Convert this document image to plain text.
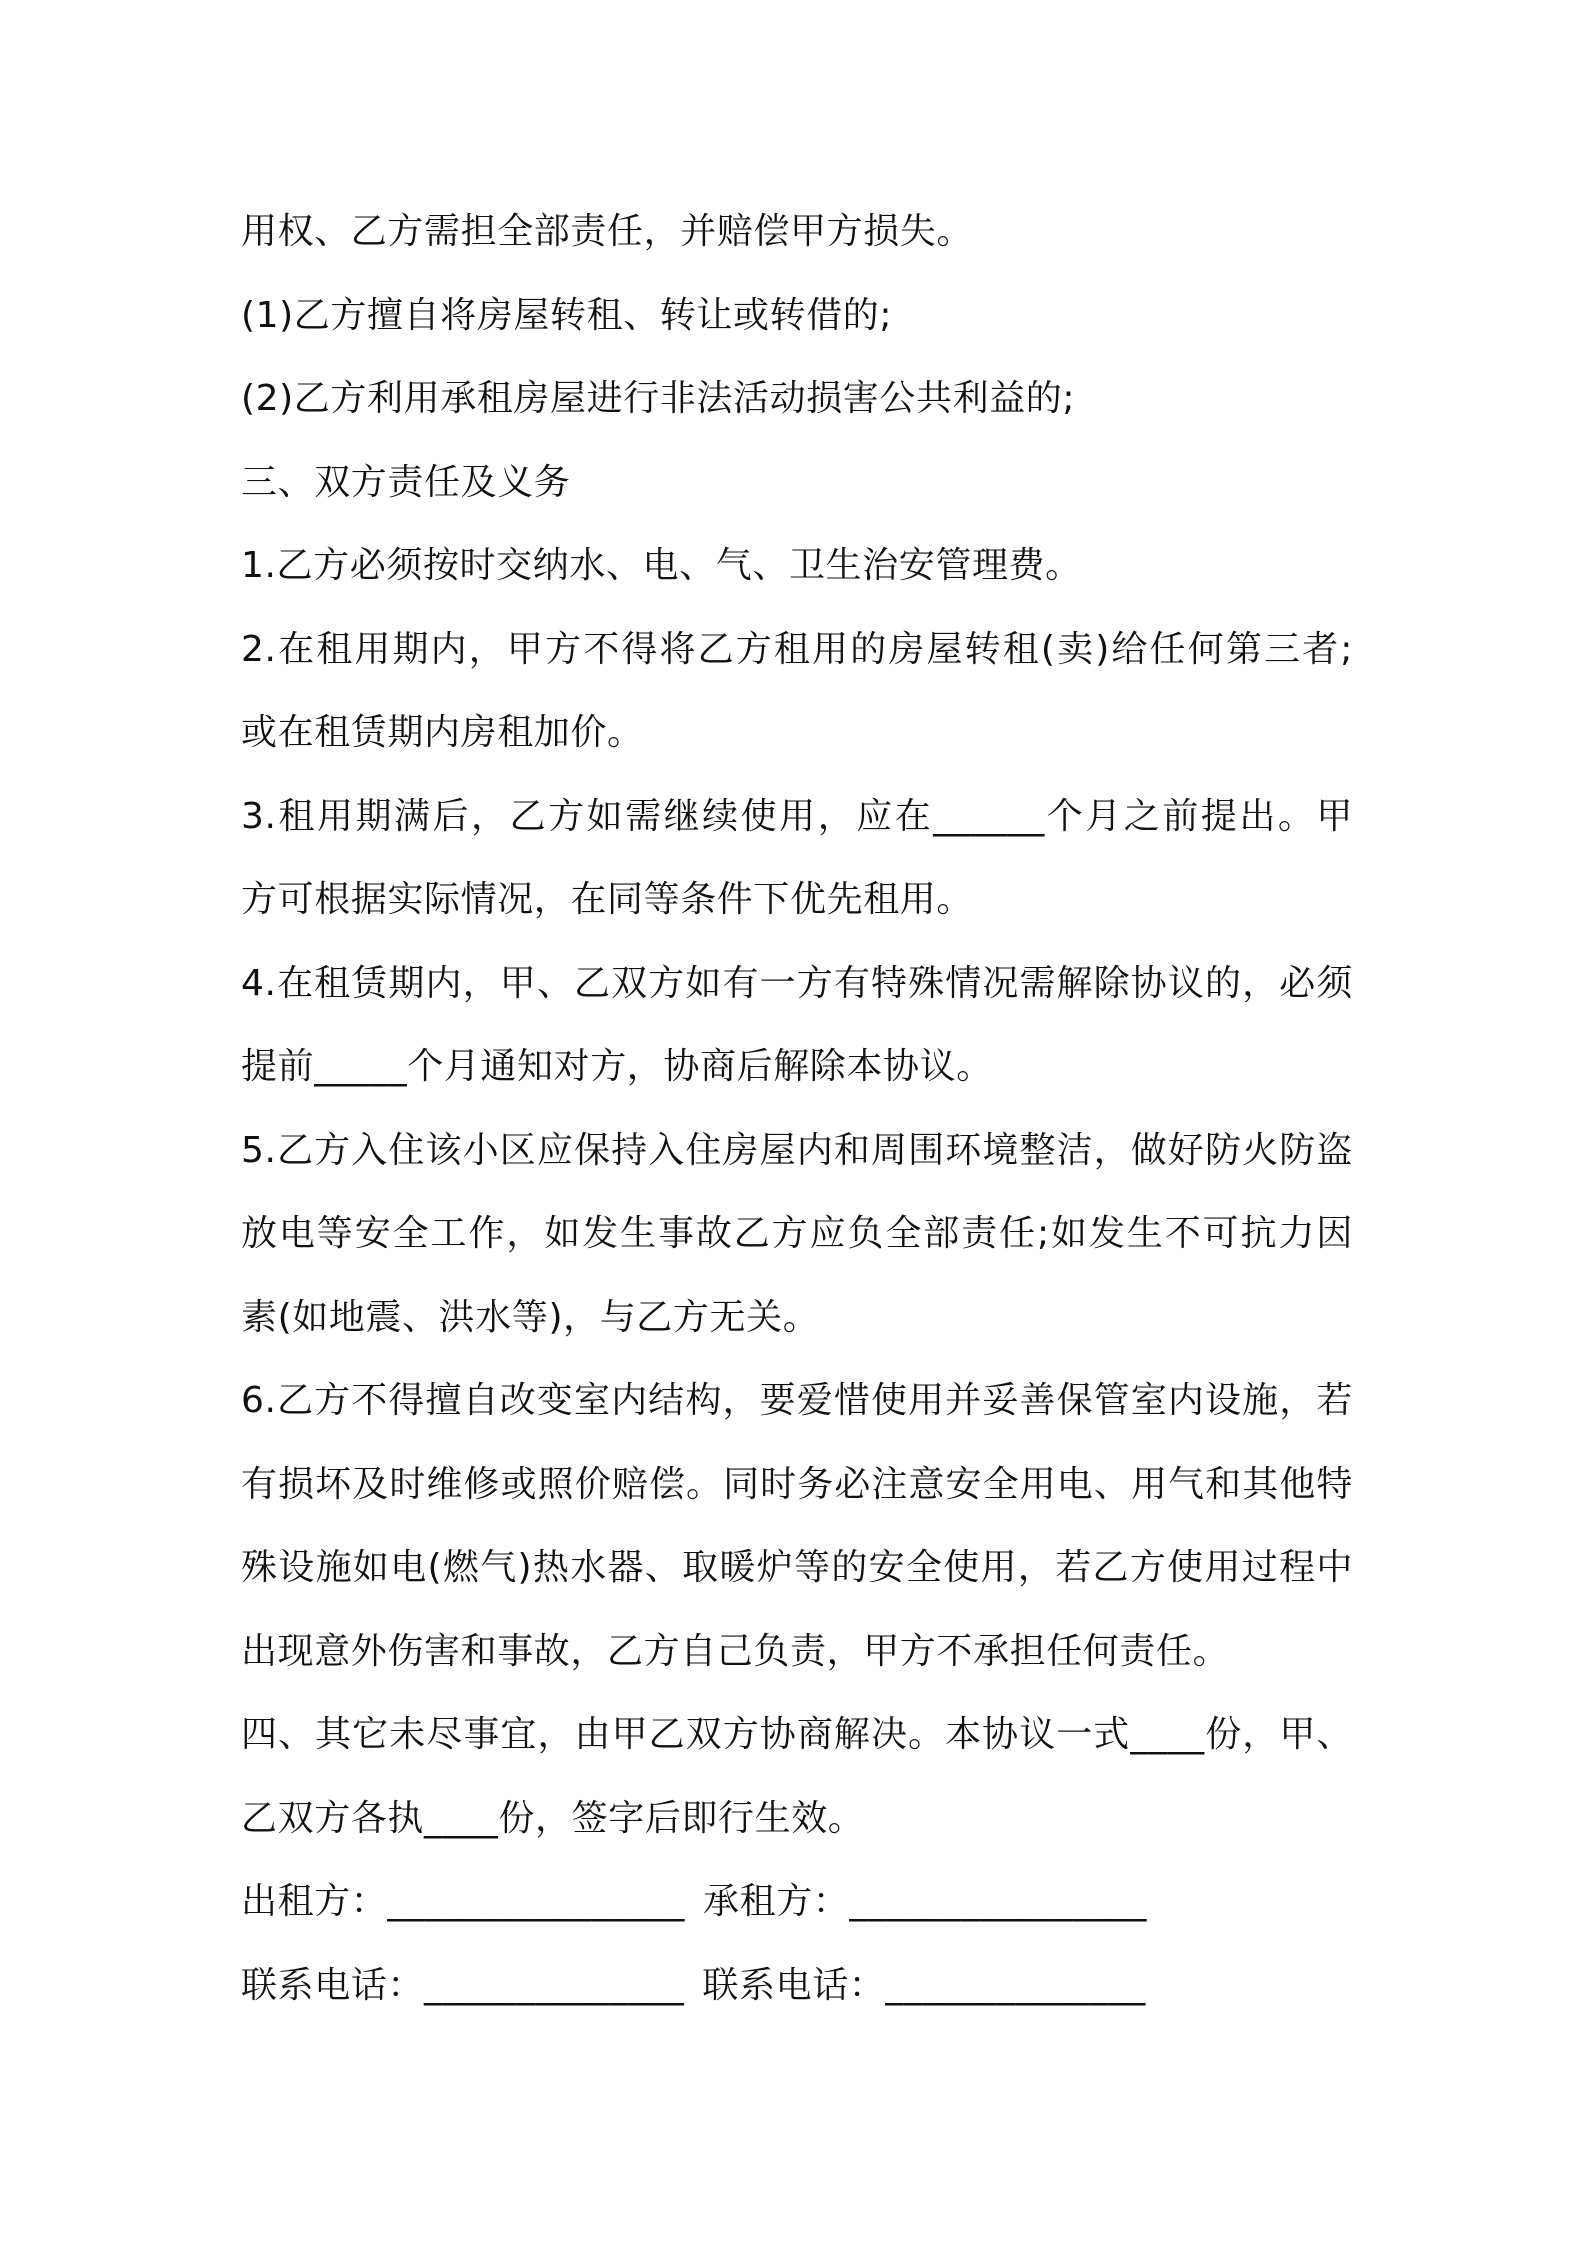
用权、乙方需担全部责任，并赔偿甲方损失。
(1)乙方擅自将房屋转租、转让或转借的;
(2)乙方利用承租房屋进行非法活动损害公共利益的;
三、双方责任及义务
1.乙方必须按时交纳水、电、气、卫生治安管理费。
2.在租用期内，甲方不得将乙方租用的房屋转租(卖)给任何第三者;
或在租赁期内房租加价。
3.租用期满后，乙方如需继续使用，应在______个月之前提出。甲
方可根据实际情况，在同等条件下优先租用。
4.在租赁期内，甲、乙双方如有一方有特殊情况需解除协议的，必须
提前_____个月通知对方，协商后解除本协议。
5.乙方入住该小区应保持入住房屋内和周围环境整洁，做好防火防盗
放电等安全工作，如发生事故乙方应负全部责任;如发生不可抗力因
素(如地震、洪水等)，与乙方无关。
6.乙方不得擅自改变室内结构，要爱惜使用并妥善保管室内设施，若
有损坏及时维修或照价赔偿。同时务必注意安全用电、用气和其他特
殊设施如电(燃气)热水器、取暖炉等的安全使用，若乙方使用过程中
出现意外伤害和事故，乙方自己负责，甲方不承担任何责任。
四、其它未尽事宜，由甲乙双方协商解决。本协议一式____份，甲、
乙双方各执____份，签字后即行生效。
出租方：________________ 承租方：________________
联系电话：______________ 联系电话：______________
